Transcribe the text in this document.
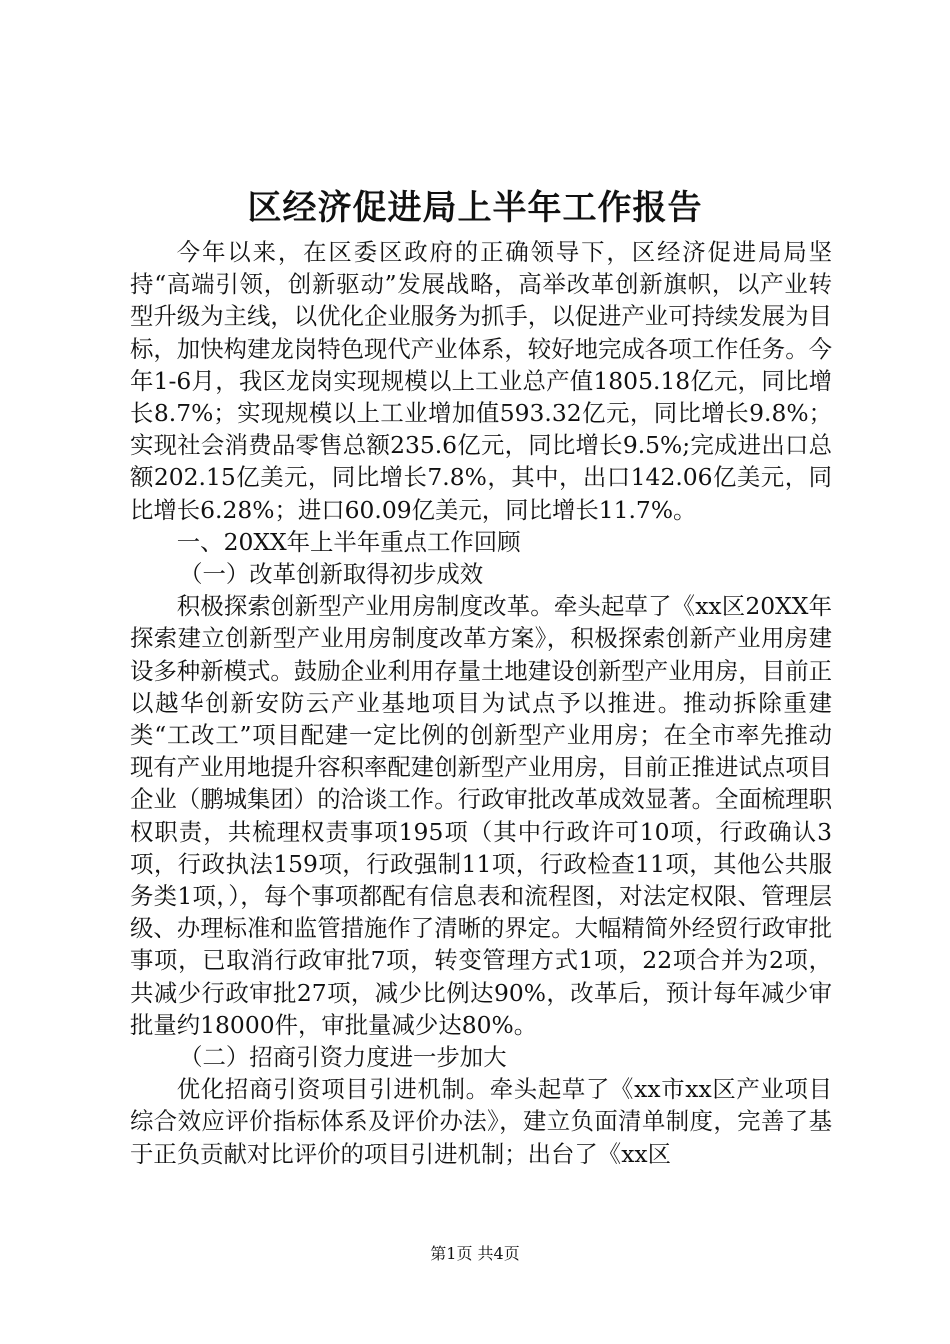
区经济促进局上半年工作报告

今年以来，在区委区政府的正确领导下，区经济促进局局坚持“高端引领，创新驱动”发展战略，高举改革创新旗帜，以产业转型升级为主线，以优化企业服务为抓手，以促进产业可持续发展为目标，加快构建龙岗特色现代产业体系，较好地完成各项工作任务。今年1-6月，我区龙岗实现规模以上工业总产值1805.18亿元，同比增长8.7%；实现规模以上工业增加值593.32亿元，同比增长9.8%；实现社会消费品零售总额235.6亿元，同比增长9.5%;完成进出口总额202.15亿美元，同比增长7.8%，其中，出口142.06亿美元，同比增长6.28%；进口60.09亿美元，同比增长11.7%。

一、20XX年上半年重点工作回顾

（一）改革创新取得初步成效

积极探索创新型产业用房制度改革。牵头起草了《xx区20XX年探索建立创新型产业用房制度改革方案》，积极探索创新产业用房建设多种新模式。鼓励企业利用存量土地建设创新型产业用房，目前正以越华创新安防云产业基地项目为试点予以推进。推动拆除重建类“工改工”项目配建一定比例的创新型产业用房；在全市率先推动现有产业用地提升容积率配建创新型产业用房，目前正推进试点项目企业（鹏城集团）的洽谈工作。行政审批改革成效显著。全面梳理职权职责，共梳理权责事项195项（其中行政许可10项，行政确认3项，行政执法159项，行政强制11项，行政检查11项，其他公共服务类1项，），每个事项都配有信息表和流程图，对法定权限、管理层级、办理标准和监管措施作了清晰的界定。大幅精简外经贸行政审批事项，已取消行政审批7项，转变管理方式1项，22项合并为2项，共减少行政审批27项，减少比例达90%，改革后，预计每年减少审批量约18000件，审批量减少达80%。

（二）招商引资力度进一步加大

优化招商引资项目引进机制。牵头起草了《xx市xx区产业项目综合效应评价指标体系及评价办法》，建立负面清单制度，完善了基于正负贡献对比评价的项目引进机制；出台了《xx区

第1页 共4页
